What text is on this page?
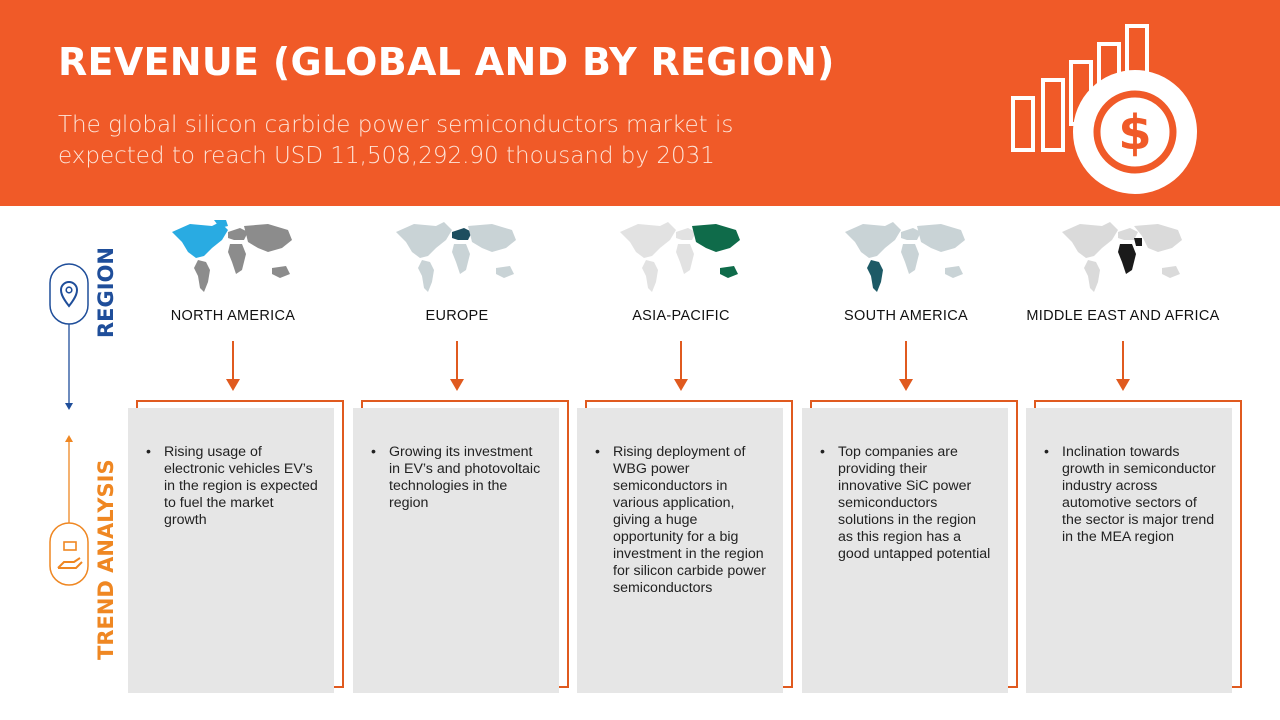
REVENUE (GLOBAL AND BY REGION)
The global silicon carbide power semiconductors market is expected to reach USD 11,508,292.90 thousand by 2031	$
REGION
TREND ANALYSIS
NORTH AMERICA	EUROPE	ASIA-PACIFIC	SOUTH AMERICA	MIDDLE EAST AND AFRICA
• Rising usage of electronic vehicles EV’s in the region is expected to fuel the market growth
• Growing its investment in EV’s and photovoltaic technologies in the region
• Rising deployment of WBG power semiconductors in various application, giving a huge opportunity for a big investment in the region for silicon carbide power semiconductors
• Top companies are providing their innovative SiC power semiconductors solutions in the region as this region has a good untapped potential
• Inclination towards growth in semiconductor industry across automotive sectors of the sector is major trend in the MEA region
